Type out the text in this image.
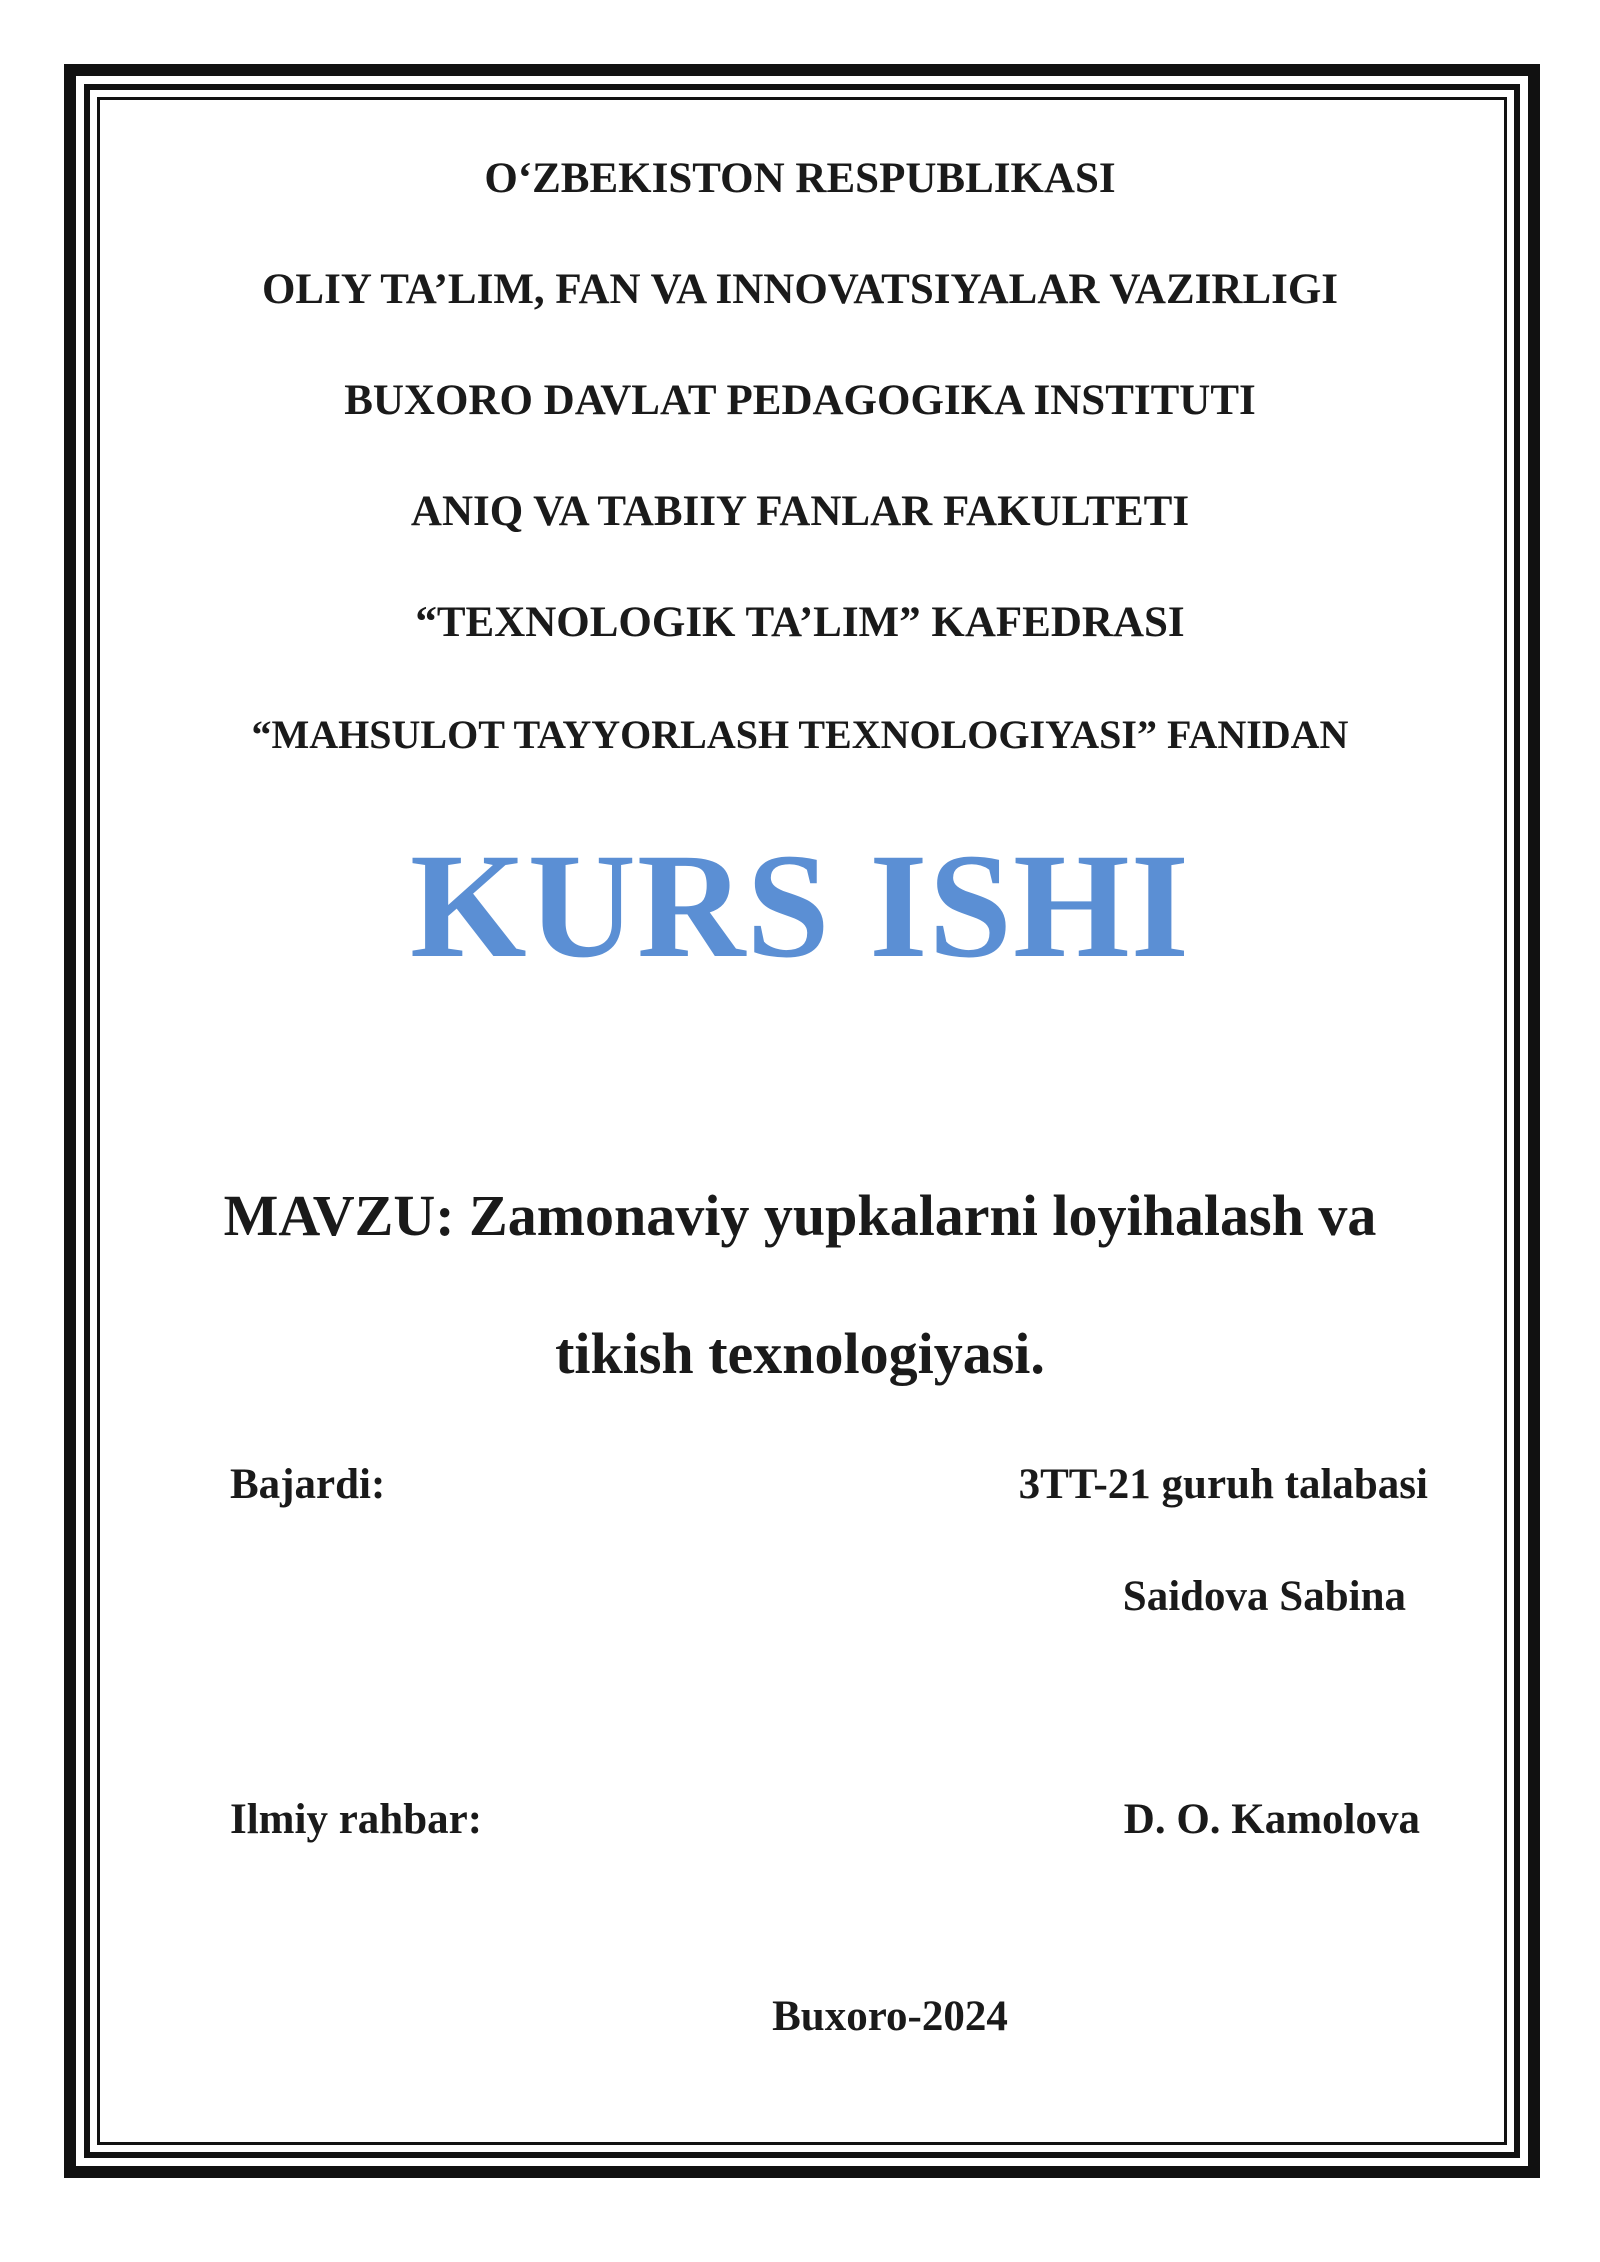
O‘ZBEKISTON RESPUBLIKASI
OLIY TA’LIM, FAN VA INNOVATSIYALAR VAZIRLIGI
BUXORO DAVLAT PEDAGOGIKA INSTITUTI
ANIQ VA TABIIY FANLAR FAKULTETI
“TEXNOLOGIK TA’LIM” KAFEDRASI
“MAHSULOT TAYYORLASH TEXNOLOGIYASI” FANIDAN
KURS ISHI
MAVZU: Zamonaviy yupkalarni loyihalash va
tikish texnologiyasi.
Bajardi:	3TT-21 guruh talabasi
Saidova Sabina
Ilmiy rahbar:	D. O. Kamolova
Buxoro-2024
